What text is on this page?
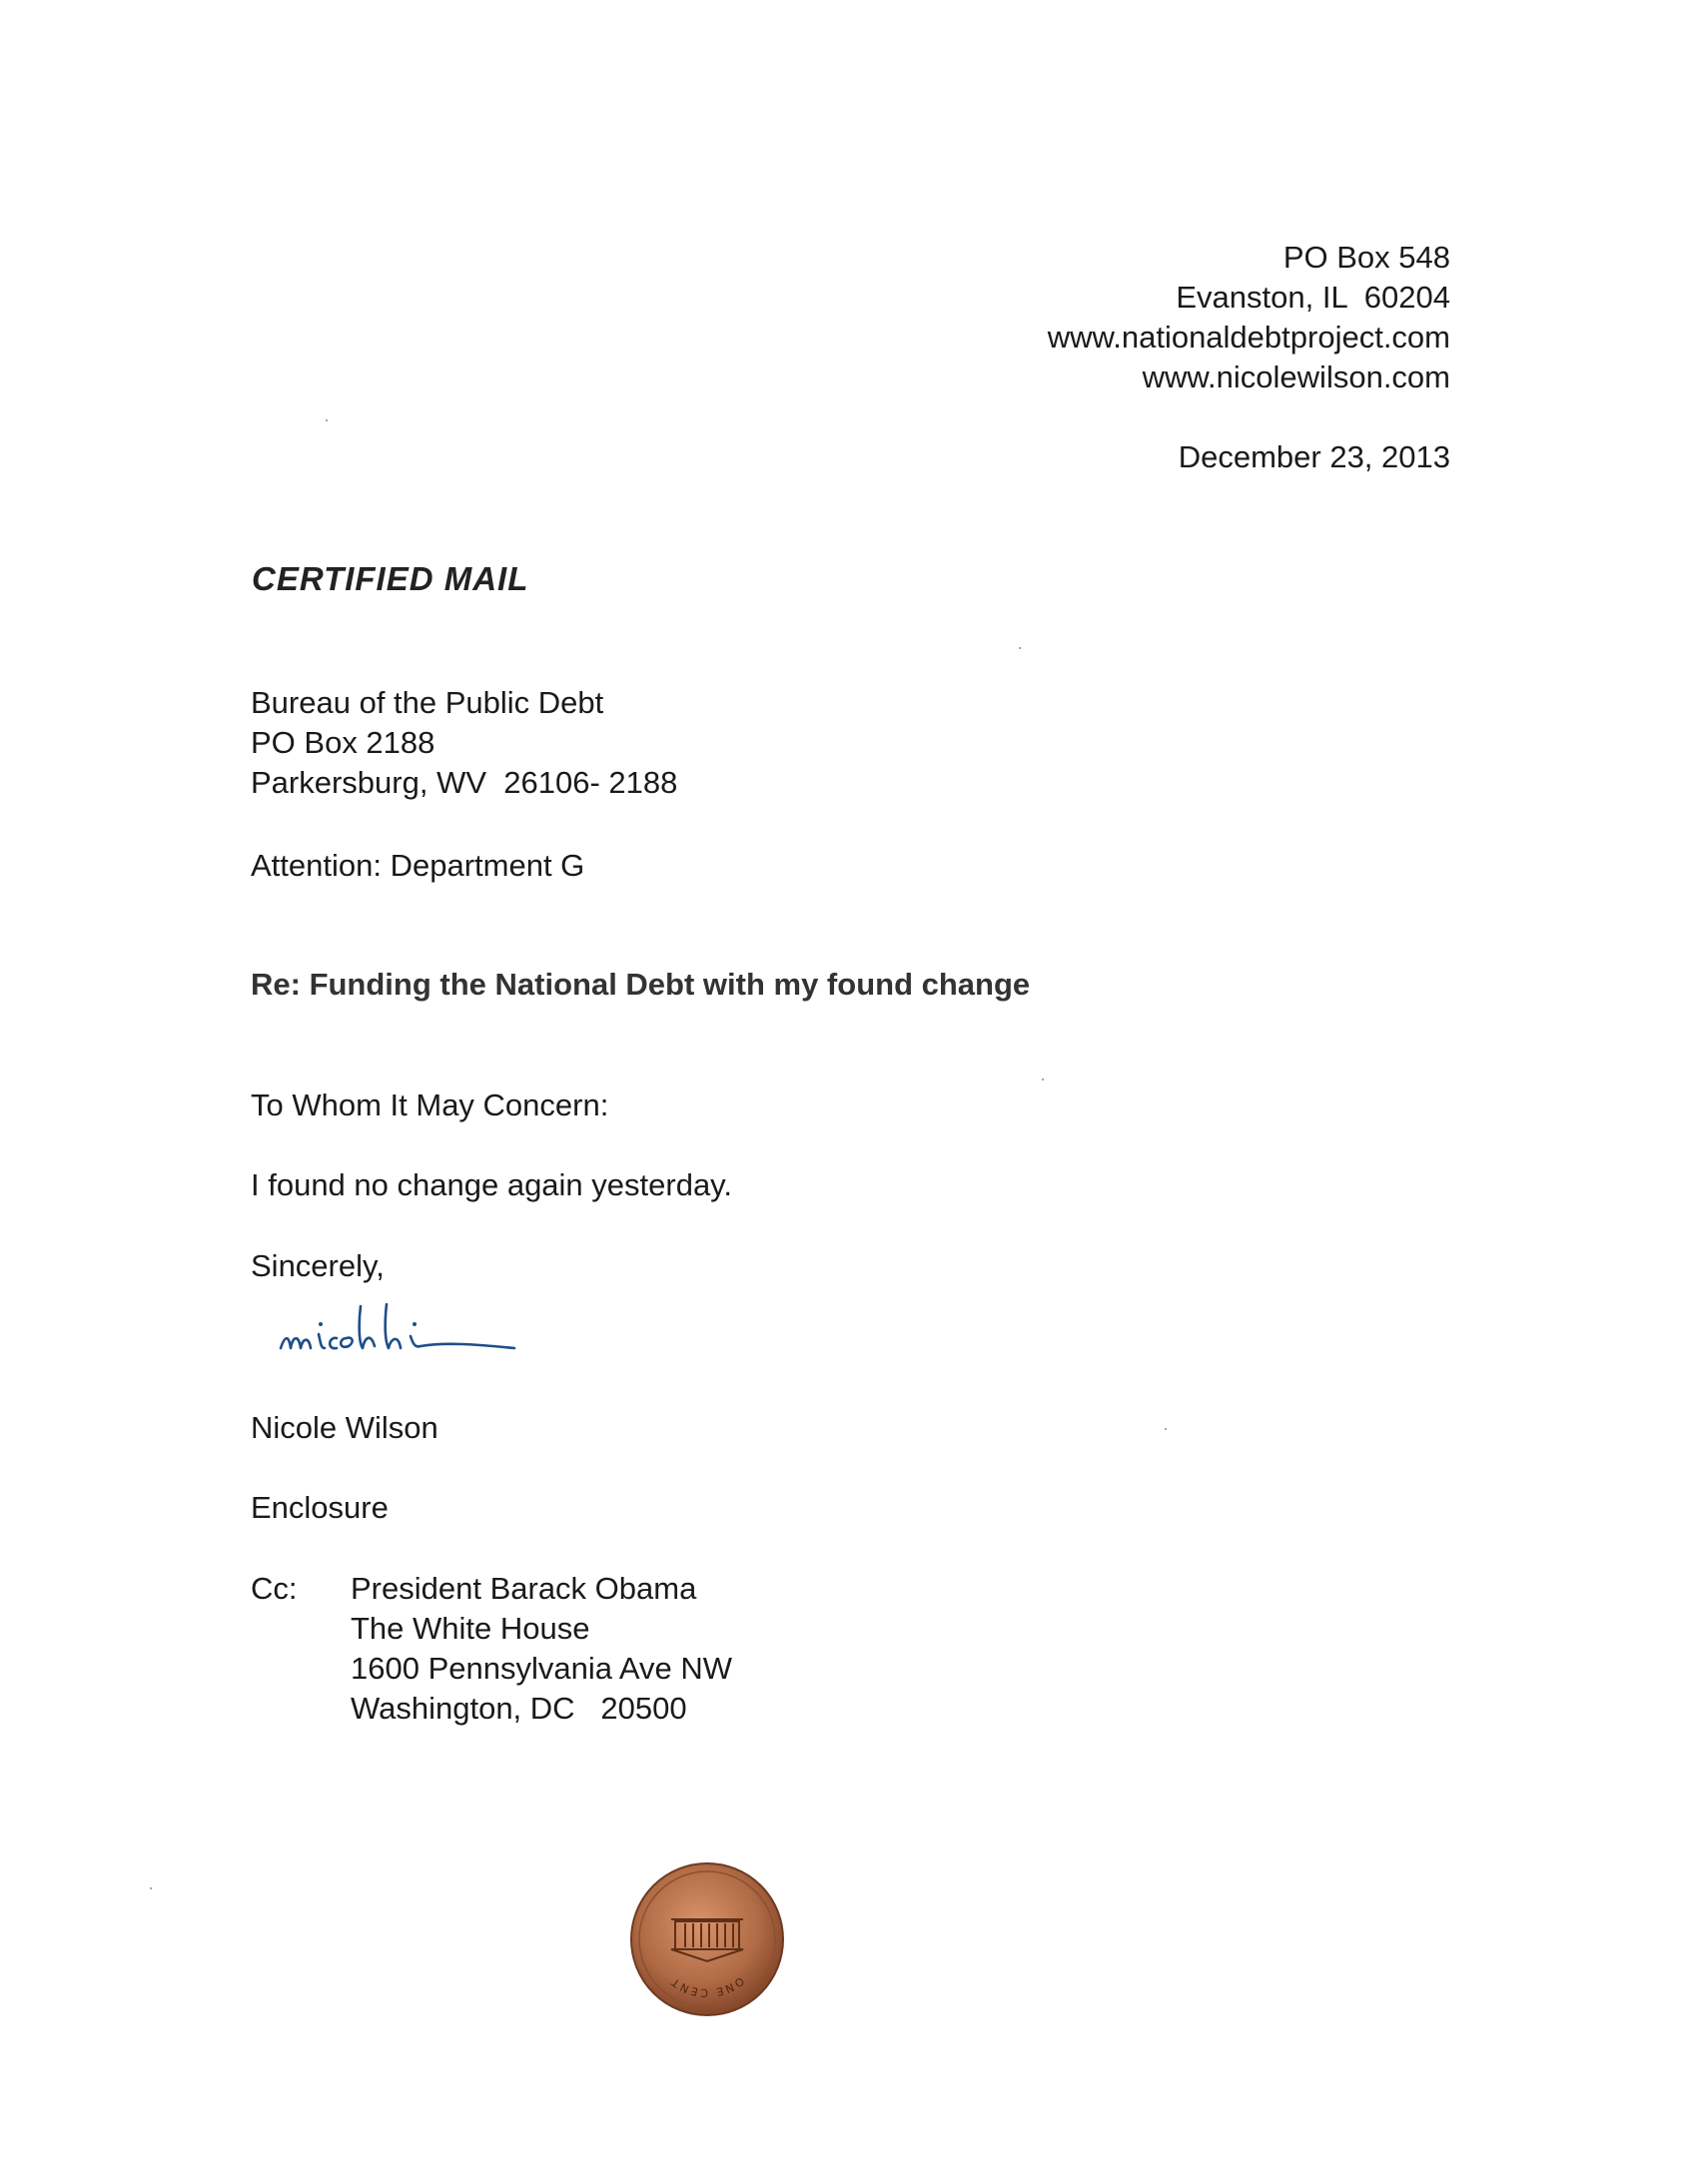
PO Box 548
Evanston, IL  60204
www.nationaldebtproject.com
www.nicolewilson.com
December 23, 2013
CERTIFIED MAIL
Bureau of the Public Debt
PO Box 2188
Parkersburg, WV  26106- 2188
Attention: Department G
Re: Funding the National Debt with my found change
To Whom It May Concern:
I found no change again yesterday.
Sincerely,
Nicole Wilson
Enclosure
Cc: President Barack Obama
The White House
1600 Pennsylvania Ave NW
Washington, DC   20500
ONE CENT
